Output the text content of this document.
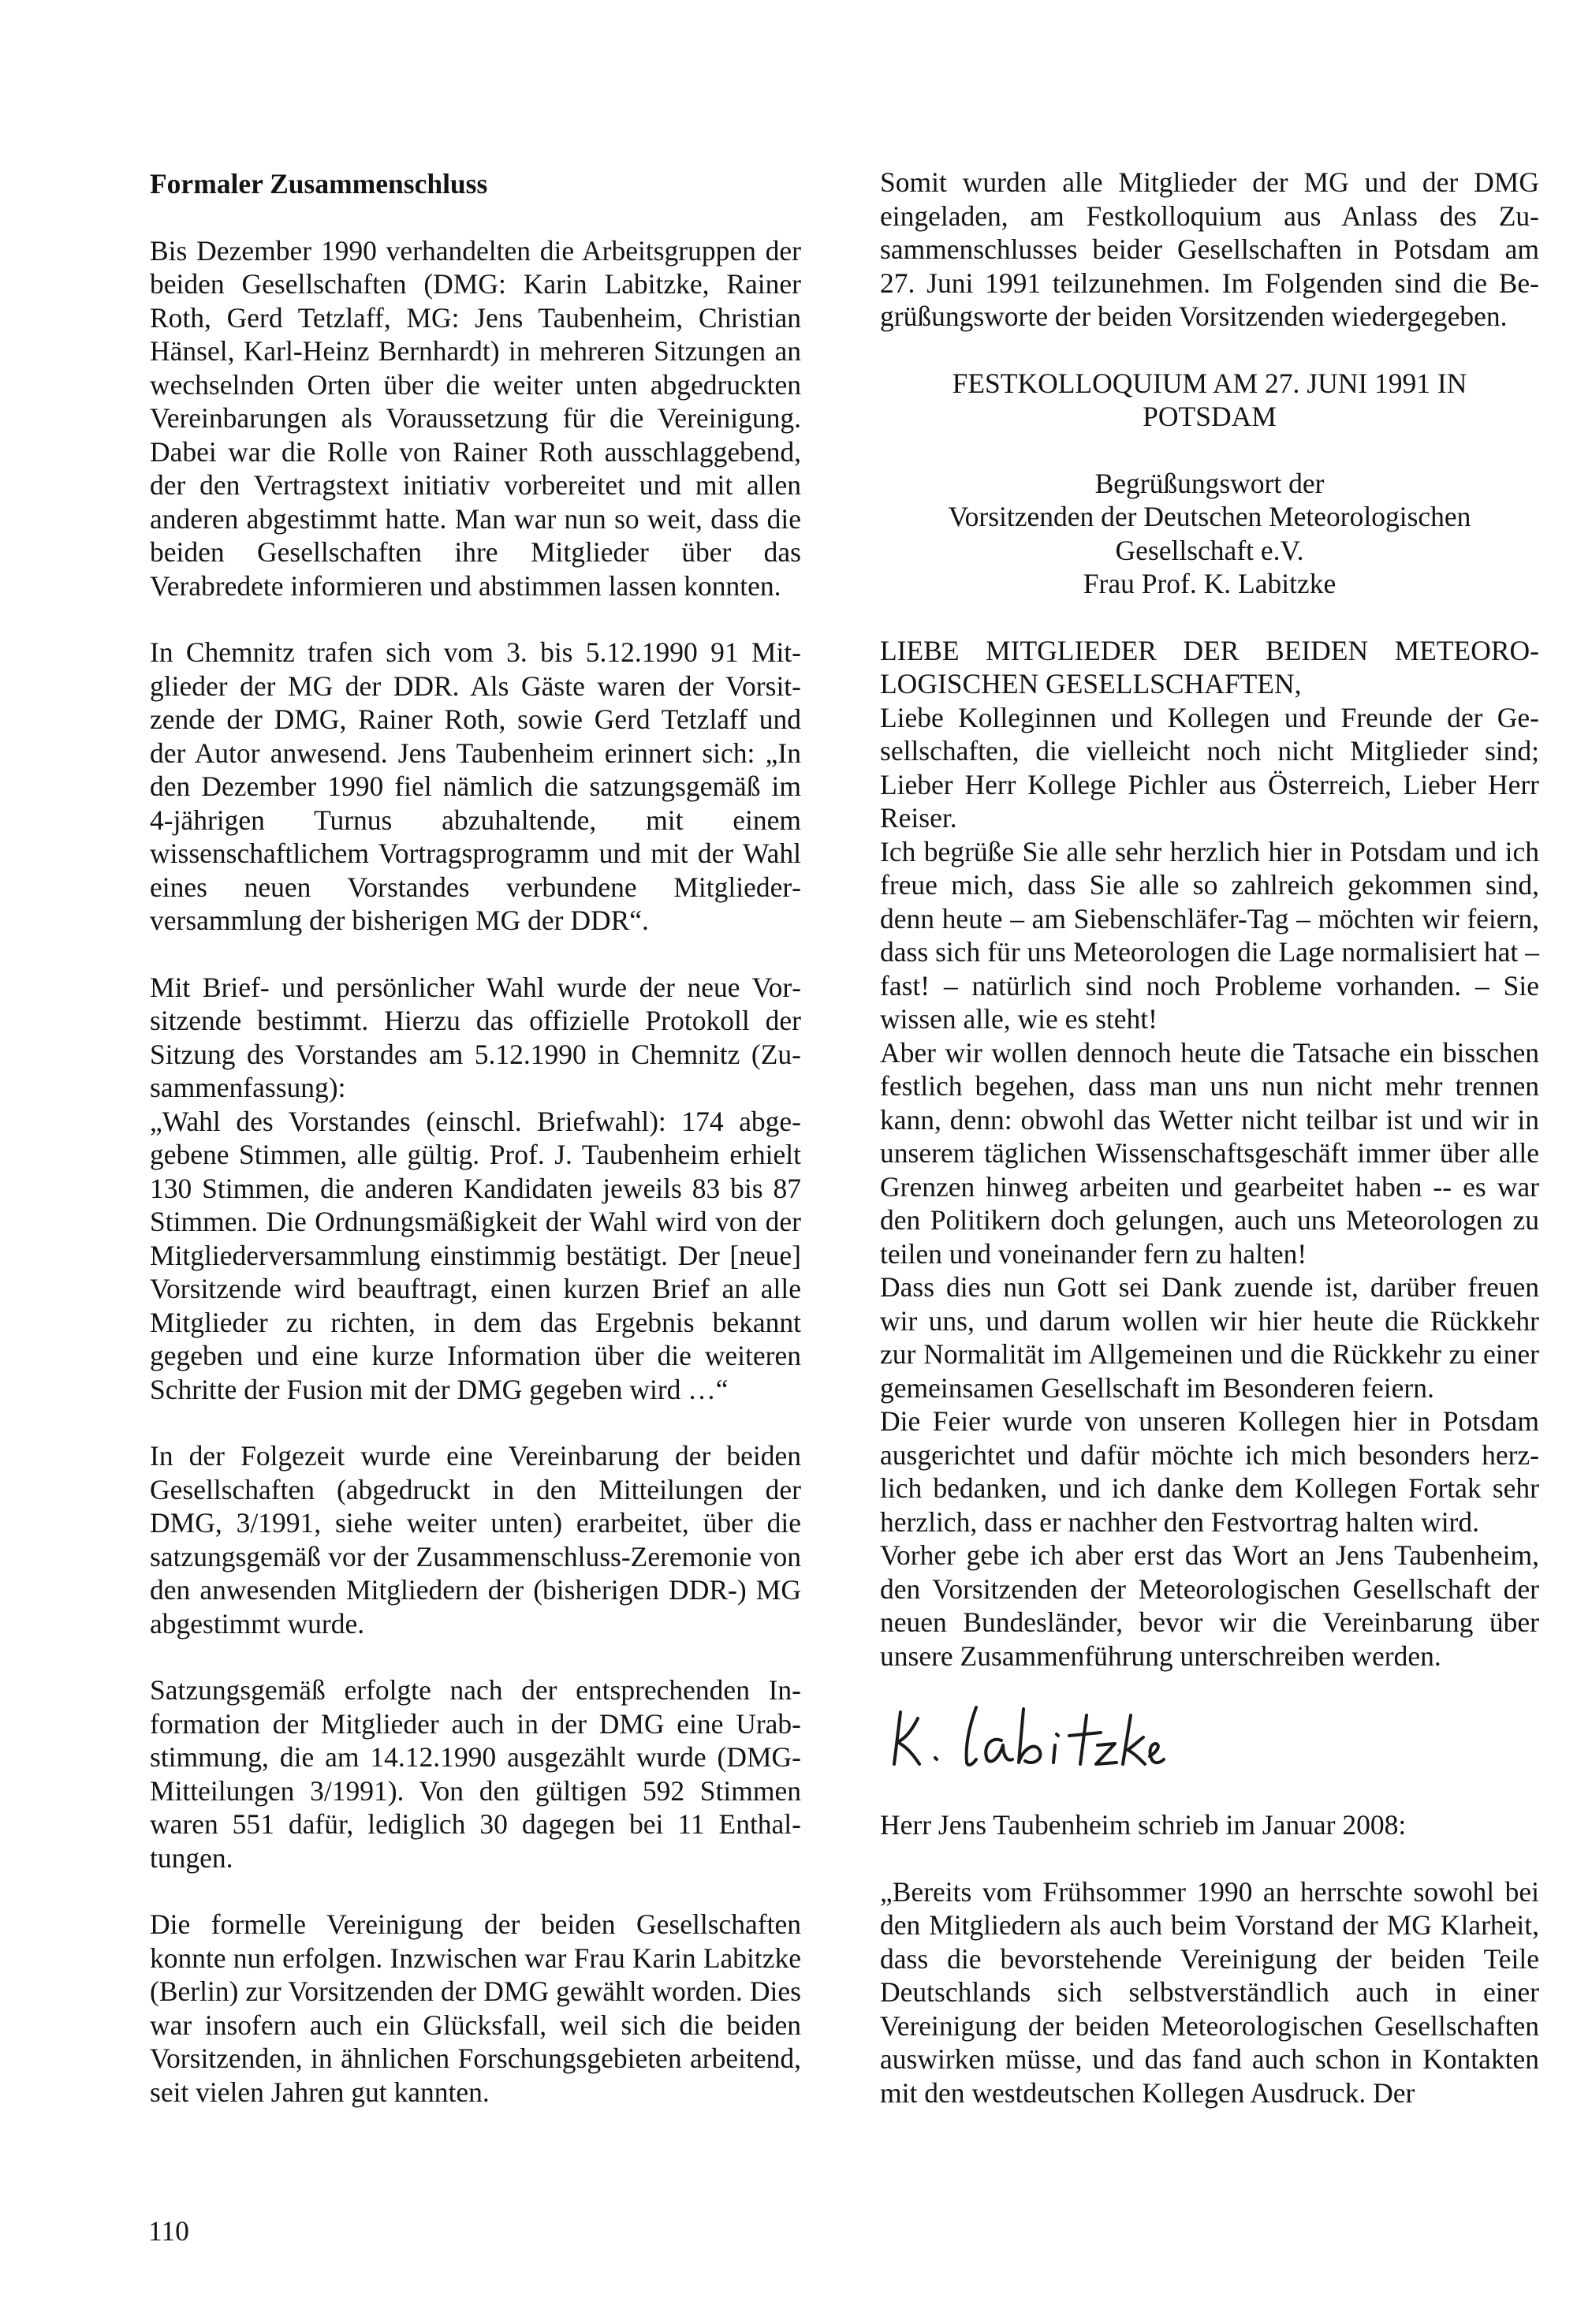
Formaler Zusammenschluss

Bis Dezember 1990 verhandelten die Arbeitsgruppen der beiden Gesellschaften (DMG: Karin Labitzke, Rainer Roth, Gerd Tetzlaff, MG: Jens Taubenheim, Christian Hänsel, Karl-Heinz Bernhardt) in mehreren Sitzungen an wechselnden Orten über die weiter unten abgedruckten Vereinbarungen als Voraussetzung für die Vereinigung. Dabei war die Rolle von Rainer Roth ausschlaggebend, der den Vertragstext initiativ vorbereitet und mit allen anderen abgestimmt hatte. Man war nun so weit, dass die beiden Gesellschaften ihre Mitglieder über das Verabredete informieren und abstimmen lassen konnten.

In Chemnitz trafen sich vom 3. bis 5.12.1990 91 Mitglieder der MG der DDR. Als Gäste waren der Vorsitzende der DMG, Rainer Roth, sowie Gerd Tetzlaff und der Autor anwesend. Jens Taubenheim erinnert sich: „In den Dezember 1990 fiel nämlich die satzungsgemäß im 4-jährigen Turnus abzuhaltende, mit einem wissenschaftlichem Vortragsprogramm und mit der Wahl eines neuen Vorstandes verbundene Mitgliederversammlung der bisherigen MG der DDR“.

Mit Brief- und persönlicher Wahl wurde der neue Vorsitzende bestimmt. Hierzu das offizielle Protokoll der Sitzung des Vorstandes am 5.12.1990 in Chemnitz (Zusammenfassung):

„Wahl des Vorstandes (einschl. Briefwahl): 174 abgegebene Stimmen, alle gültig. Prof. J. Taubenheim erhielt 130 Stimmen, die anderen Kandidaten jeweils 83 bis 87 Stimmen. Die Ordnungsmäßigkeit der Wahl wird von der Mitgliederversammlung einstimmig bestätigt. Der [neue] Vorsitzende wird beauftragt, einen kurzen Brief an alle Mitglieder zu richten, in dem das Ergebnis bekannt gegeben und eine kurze Information über die weiteren Schritte der Fusion mit der DMG gegeben wird …“

In der Folgezeit wurde eine Vereinbarung der beiden Gesellschaften (abgedruckt in den Mitteilungen der DMG, 3/1991, siehe weiter unten) erarbeitet, über die satzungsgemäß vor der Zusammenschluss-Zeremonie von den anwesenden Mitgliedern der (bisherigen DDR-) MG abgestimmt wurde.

Satzungsgemäß erfolgte nach der entsprechenden Information der Mitglieder auch in der DMG eine Urabstimmung, die am 14.12.1990 ausgezählt wurde (DMG-Mitteilungen 3/1991). Von den gültigen 592 Stimmen waren 551 dafür, lediglich 30 dagegen bei 11 Enthaltungen.

Die formelle Vereinigung der beiden Gesellschaften konnte nun erfolgen. Inzwischen war Frau Karin Labitzke (Berlin) zur Vorsitzenden der DMG gewählt worden. Dies war insofern auch ein Glücksfall, weil sich die beiden Vorsitzenden, in ähnlichen Forschungsgebieten arbeitend, seit vielen Jahren gut kannten.

Somit wurden alle Mitglieder der MG und der DMG eingeladen, am Festkolloquium aus Anlass des Zusammenschlusses beider Gesellschaften in Potsdam am 27. Juni 1991 teilzunehmen. Im Folgenden sind die Begrüßungsworte der beiden Vorsitzenden wiedergegeben.

FESTKOLLOQUIUM AM 27. JUNI 1991 IN POTSDAM

Begrüßungswort der

Vorsitzenden der Deutschen Meteorologischen

Gesellschaft e.V.

Frau Prof. K. Labitzke

LIEBE MITGLIEDER DER BEIDEN METEOROLOGISCHEN GESELLSCHAFTEN,

Liebe Kolleginnen und Kollegen und Freunde der Gesellschaften, die vielleicht noch nicht Mitglieder sind; Lieber Herr Kollege Pichler aus Österreich, Lieber Herr Reiser.

Ich begrüße Sie alle sehr herzlich hier in Potsdam und ich freue mich, dass Sie alle so zahlreich gekommen sind, denn heute – am Siebenschläfer-Tag – möchten wir feiern, dass sich für uns Meteorologen die Lage normalisiert hat – fast! – natürlich sind noch Probleme vorhanden. – Sie wissen alle, wie es steht!

Aber wir wollen dennoch heute die Tatsache ein bisschen festlich begehen, dass man uns nun nicht mehr trennen kann, denn: obwohl das Wetter nicht teilbar ist und wir in unserem täglichen Wissenschaftsgeschäft immer über alle Grenzen hinweg arbeiten und gearbeitet haben -- es war den Politikern doch gelungen, auch uns Meteorologen zu teilen und voneinander fern zu halten!

Dass dies nun Gott sei Dank zuende ist, darüber freuen wir uns, und darum wollen wir hier heute die Rückkehr zur Normalität im Allgemeinen und die Rückkehr zu einer gemeinsamen Gesellschaft im Besonderen feiern.

Die Feier wurde von unseren Kollegen hier in Potsdam ausgerichtet und dafür möchte ich mich besonders herzlich bedanken, und ich danke dem Kollegen Fortak sehr herzlich, dass er nachher den Festvortrag halten wird.

Vorher gebe ich aber erst das Wort an Jens Taubenheim, den Vorsitzenden der Meteorologischen Gesellschaft der neuen Bundesländer, bevor wir die Vereinbarung über unsere Zusammenführung unterschreiben werden.

Herr Jens Taubenheim schrieb im Januar 2008:

„Bereits vom Frühsommer 1990 an herrschte sowohl bei den Mitgliedern als auch beim Vorstand der MG Klarheit, dass die bevorstehende Vereinigung der beiden Teile Deutschlands sich selbstverständlich auch in einer Vereinigung der beiden Meteorologischen Gesellschaften auswirken müsse, und das fand auch schon in Kontakten mit den westdeutschen Kollegen Ausdruck. Der

110
